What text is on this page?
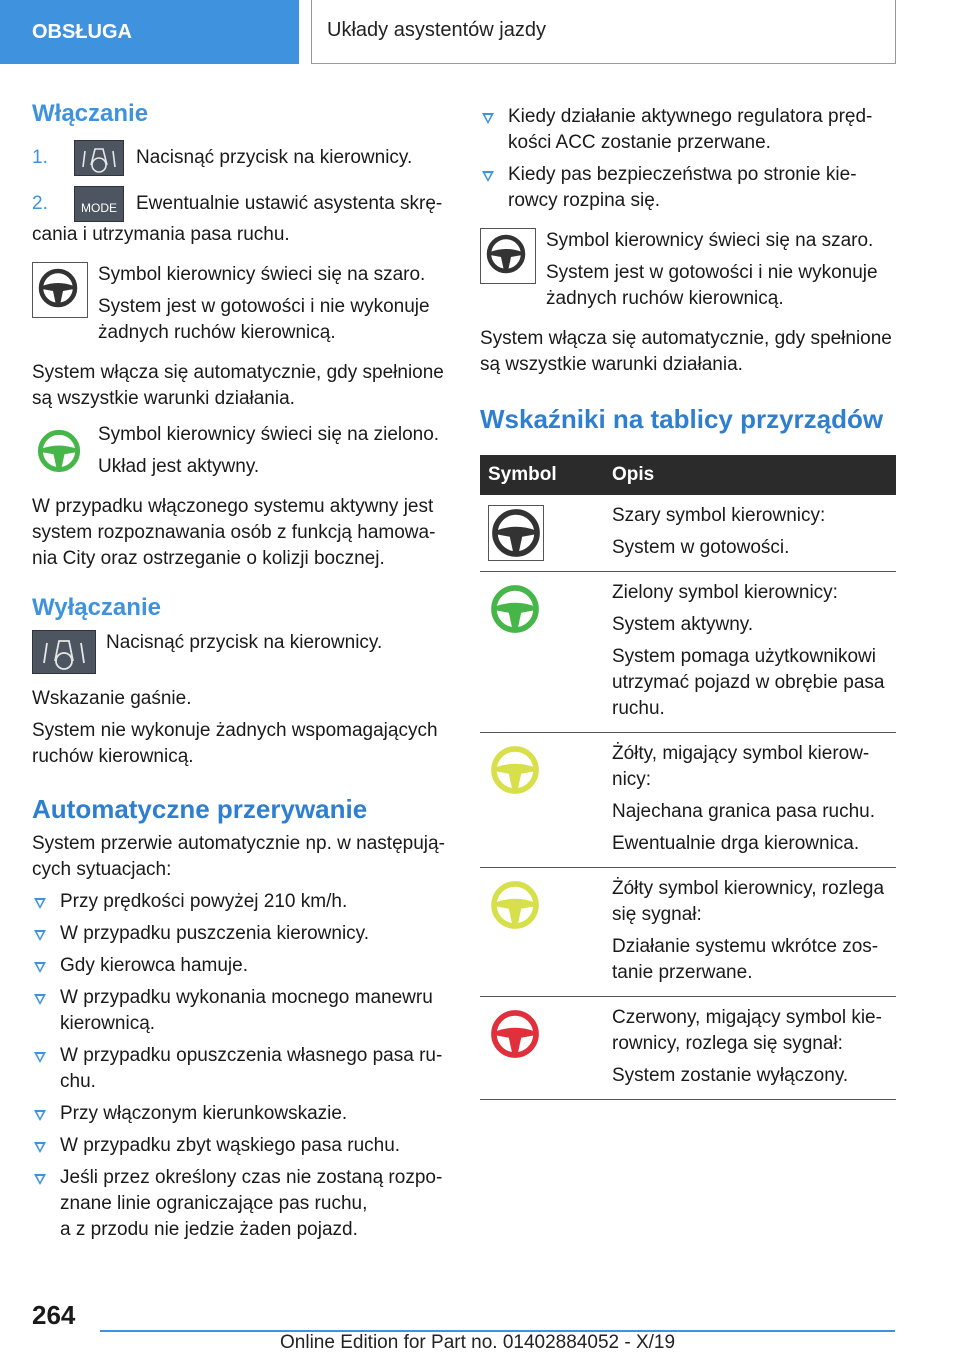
OBSŁUGA	Układy asystentów jazdy
Włączanie
1.	Nacisnąć przycisk na kierownicy.

2.	MODE	Ewentualnie ustawić asystenta skrę-

cania i utrzymania pasa ruchu.

Symbol kierownicy świeci się na szaro.

System jest w gotowości i nie wykonuje

żadnych ruchów kierownicą.

System włącza się automatycznie, gdy spełnione

są wszystkie warunki działania.

Symbol kierownicy świeci się na zielono.

Układ jest aktywny.

W przypadku włączonego systemu aktywny jest

system rozpoznawania osób z funkcją hamowa-

nia City oraz ostrzeganie o kolizji bocznej.

Wyłączanie

Nacisnąć przycisk na kierownicy.

Wskazanie gaśnie.

System nie wykonuje żadnych wspomagających

ruchów kierownicą.

Automatyczne przerywanie

System przerwie automatycznie np. w następują-

cych sytuacjach:

Przy prędkości powyżej 210 km/h.
W przypadku puszczenia kierownicy.
Gdy kierowca hamuje.
W przypadku wykonania mocnego manewru
kierownicą.
W przypadku opuszczenia własnego pasa ru-
chu.
Przy włączonym kierunkowskazie.
W przypadku zbyt wąskiego pasa ruchu.
Jeśli przez określony czas nie zostaną rozpo-
znane linie ograniczające pas ruchu,
a z przodu nie jedzie żaden pojazd.
Kiedy działanie aktywnego regulatora pręd-
kości ACC zostanie przerwane.
Kiedy pas bezpieczeństwa po stronie kie-
rowcy rozpina się.

Symbol kierownicy świeci się na szaro.

System jest w gotowości i nie wykonuje

żadnych ruchów kierownicą.

System włącza się automatycznie, gdy spełnione

są wszystkie warunki działania.

Wskaźniki na tablicy przyrządów
Symbol	Opis

Szary symbol kierownicy:
System w gotowości.

Zielony symbol kierownicy:
System aktywny.
System pomaga użytkownikowi
utrzymać pojazd w obrębie pasa
ruchu.

Żółty, migający symbol kierow-
nicy:
Najechana granica pasa ruchu.
Ewentualnie drga kierownica.

Żółty symbol kierownicy, rozlega
się sygnał:
Działanie systemu wkrótce zos-
tanie przerwane.

Czerwony, migający symbol kie-
rownicy, rozlega się sygnał:
System zostanie wyłączony.
264
Online Edition for Part no. 01402884052 - X/19
